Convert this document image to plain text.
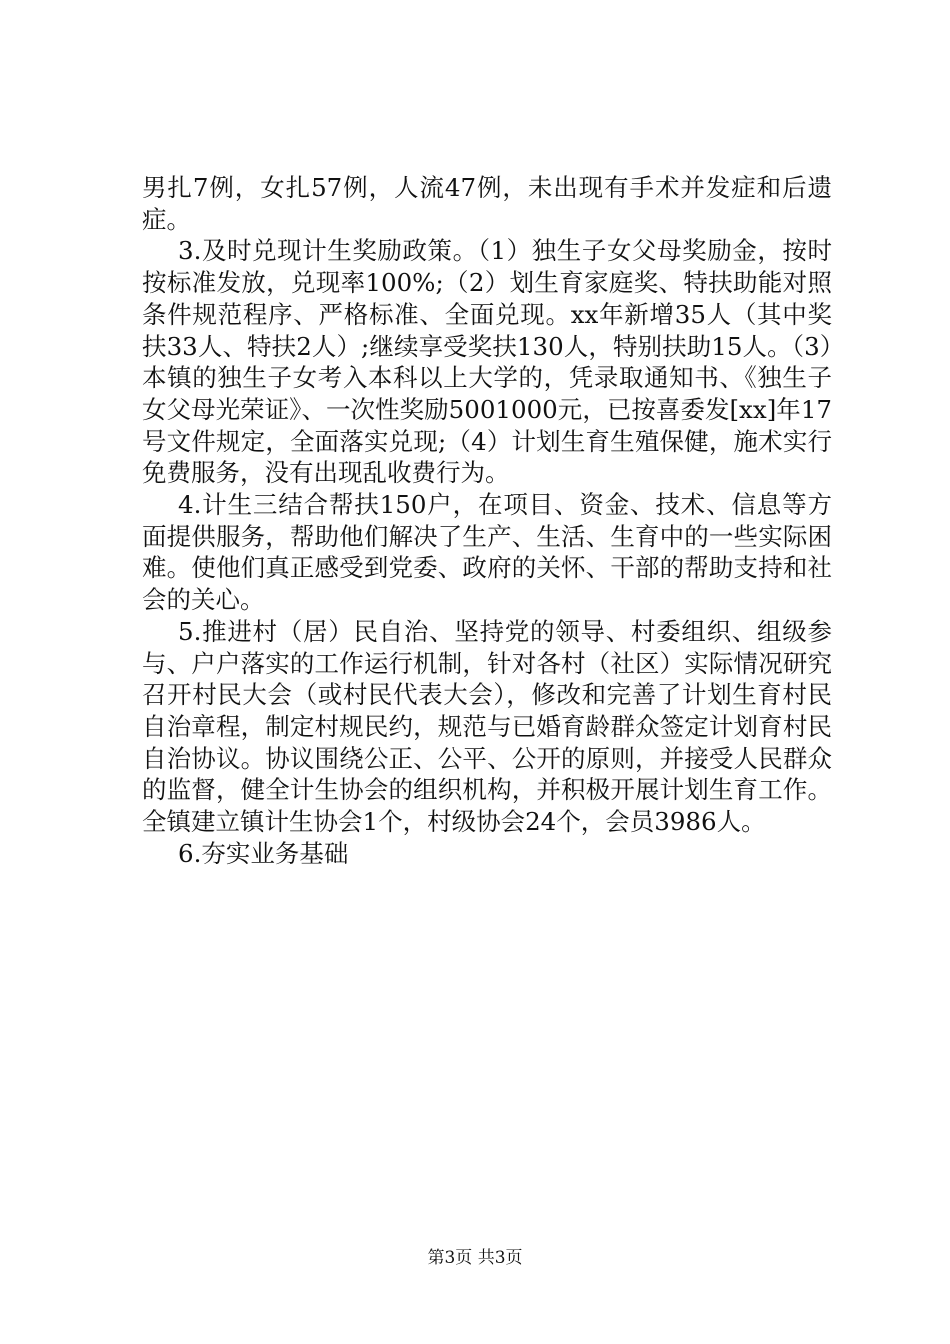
男扎7例，女扎57例，人流47例，未出现有手术并发症和后遗症。

3.及时兑现计生奖励政策。（1）独生子女父母奖励金，按时按标准发放，兑现率100%;（2）划生育家庭奖、特扶助能对照条件规范程序、严格标准、全面兑现。xx年新增35人（其中奖扶33人、特扶2人）;继续享受奖扶130人，特别扶助15人。（3）本镇的独生子女考入本科以上大学的，凭录取通知书、《独生子女父母光荣证》、一次性奖励5001000元，已按喜委发[xx]年17号文件规定，全面落实兑现;（4）计划生育生殖保健，施术实行免费服务，没有出现乱收费行为。

4.计生三结合帮扶150户，在项目、资金、技术、信息等方面提供服务，帮助他们解决了生产、生活、生育中的一些实际困难。使他们真正感受到党委、政府的关怀、干部的帮助支持和社会的关心。

5.推进村（居）民自治、坚持党的领导、村委组织、组级参与、户户落实的工作运行机制，针对各村（社区）实际情况研究召开村民大会（或村民代表大会），修改和完善了计划生育村民自治章程，制定村规民约，规范与已婚育龄群众签定计划育村民自治协议。协议围绕公正、公平、公开的原则，并接受人民群众的监督，健全计生协会的组织机构，并积极开展计划生育工作。全镇建立镇计生协会1个，村级协会24个，会员3986人。

6.夯实业务基础

第3页 共3页
